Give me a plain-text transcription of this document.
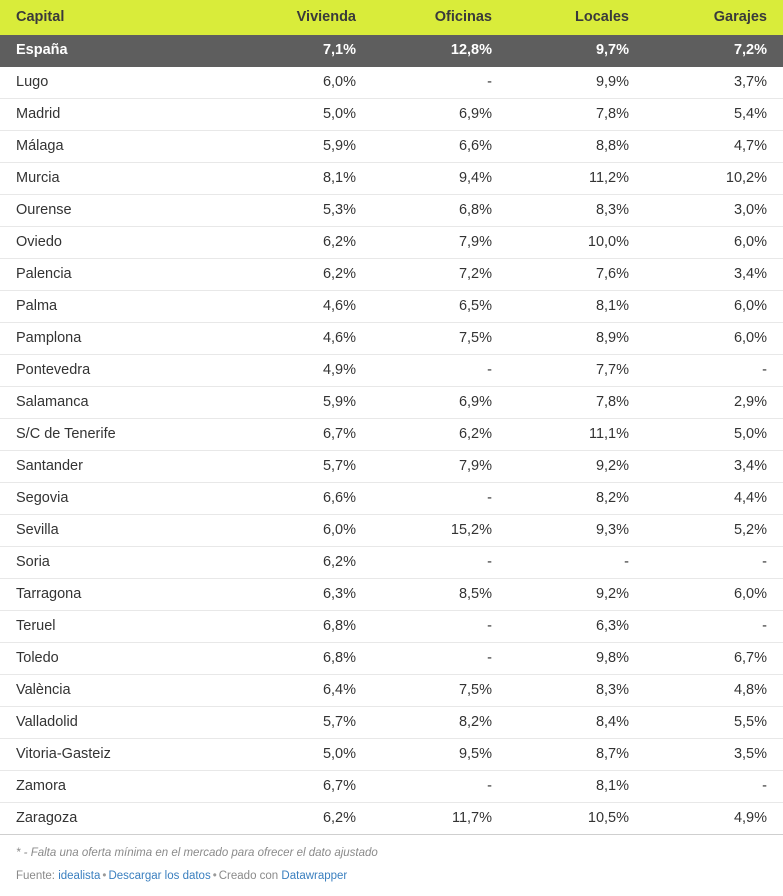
Capital	Vivienda	Oficinas	Locales	Garajes
España	7,1%	12,8%	9,7%	7,2%
Lugo	6,0%	-	9,9%	3,7%
Madrid	5,0%	6,9%	7,8%	5,4%
Málaga	5,9%	6,6%	8,8%	4,7%
Murcia	8,1%	9,4%	11,2%	10,2%
Ourense	5,3%	6,8%	8,3%	3,0%
Oviedo	6,2%	7,9%	10,0%	6,0%
Palencia	6,2%	7,2%	7,6%	3,4%
Palma	4,6%	6,5%	8,1%	6,0%
Pamplona	4,6%	7,5%	8,9%	6,0%
Pontevedra	4,9%	-	7,7%	-
Salamanca	5,9%	6,9%	7,8%	2,9%
S/C de Tenerife	6,7%	6,2%	11,1%	5,0%
Santander	5,7%	7,9%	9,2%	3,4%
Segovia	6,6%	-	8,2%	4,4%
Sevilla	6,0%	15,2%	9,3%	5,2%
Soria	6,2%	-	-	-
Tarragona	6,3%	8,5%	9,2%	6,0%
Teruel	6,8%	-	6,3%	-
Toledo	6,8%	-	9,8%	6,7%
València	6,4%	7,5%	8,3%	4,8%
Valladolid	5,7%	8,2%	8,4%	5,5%
Vitoria-Gasteiz	5,0%	9,5%	8,7%	3,5%
Zamora	6,7%	-	8,1%	-
Zaragoza	6,2%	11,7%	10,5%	4,9%
* - Falta una oferta mínima en el mercado para ofrecer el dato ajustado
Fuente: idealista • Descargar los datos • Creado con Datawrapper
